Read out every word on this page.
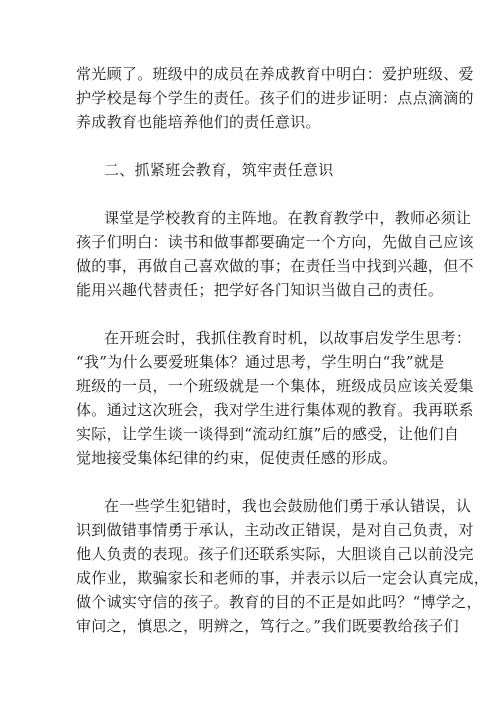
常光顾了。班级中的成员在养成教育中明白：爱护班级、爱
护学校是每个学生的责任。孩子们的进步证明：点点滴滴的
养成教育也能培养他们的责任意识。
二、抓紧班会教育，筑牢责任意识
课堂是学校教育的主阵地。在教育教学中，教师必须让
孩子们明白：读书和做事都要确定一个方向，先做自己应该
做的事，再做自己喜欢做的事；在责任当中找到兴趣，但不
能用兴趣代替责任；把学好各门知识当做自己的责任。
在开班会时，我抓住教育时机，以故事启发学生思考：
“我”为什么要爱班集体？通过思考，学生明白“我”就是
班级的一员，一个班级就是一个集体，班级成员应该关爱集
体。通过这次班会，我对学生进行集体观的教育。我再联系
实际，让学生谈一谈得到“流动红旗”后的感受，让他们自
觉地接受集体纪律的约束，促使责任感的形成。
在一些学生犯错时，我也会鼓励他们勇于承认错误，认
识到做错事情勇于承认，主动改正错误，是对自己负责，对
他人负责的表现。孩子们还联系实际，大胆谈自己以前没完
成作业，欺骗家长和老师的事，并表示以后一定会认真完成，
做个诚实守信的孩子。教育的目的不正是如此吗？“博学之，
审问之，慎思之，明辨之，笃行之。”我们既要教给孩子们
